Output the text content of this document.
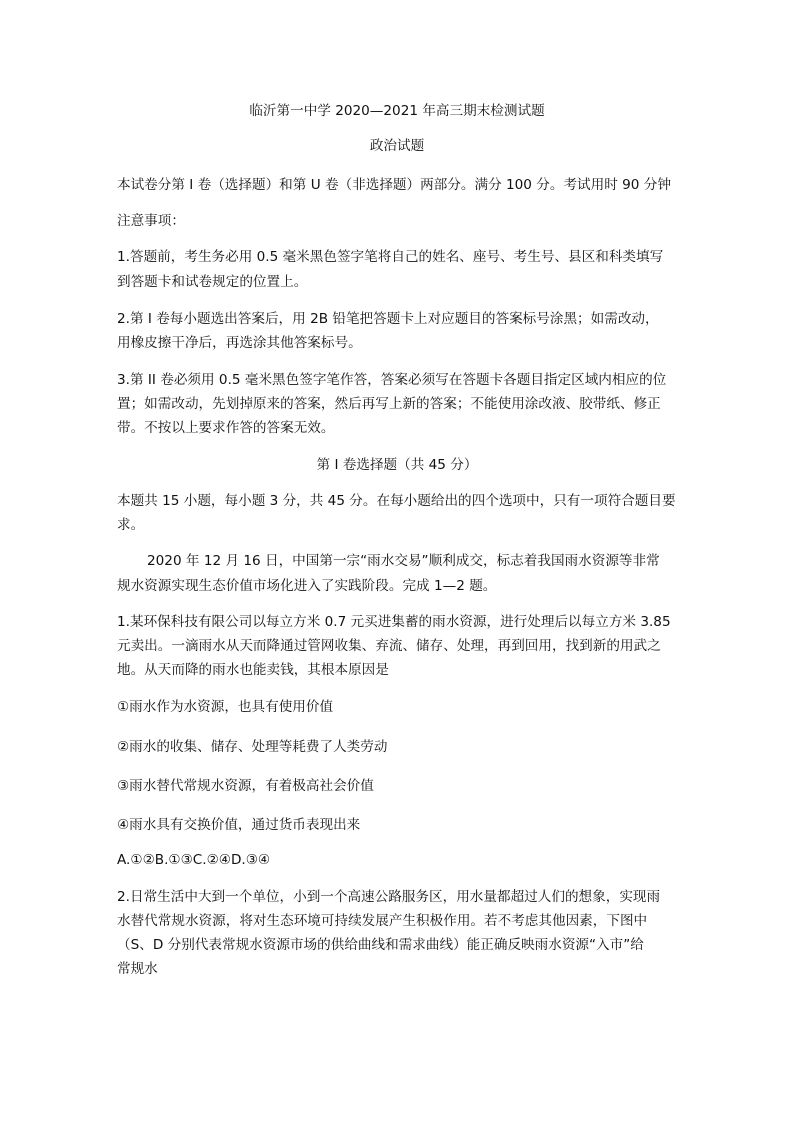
临沂第一中学 2020—2021 年高三期末检测试题
政治试题
本试卷分第 I 卷（选择题）和第 U 卷（非选择题）两部分。满分 100 分。考试用时 90 分钟
注意事项：
1.答题前，考生务必用 0.5 毫米黑色签字笔将自己的姓名、座号、考生号、县区和科类填写
到答题卡和试卷规定的位置上。
2.第 I 卷每小题选出答案后，用 2B 铅笔把答题卡上对应题目的答案标号涂黑；如需改动，
用橡皮擦干净后，再选涂其他答案标号。
3.第 II 卷必须用 0.5 毫米黑色签字笔作答，答案必须写在答题卡各题目指定区域内相应的位
置；如需改动，先划掉原来的答案，然后再写上新的答案；不能使用涂改液、胶带纸、修正
带。不按以上要求作答的答案无效。
第 I 卷选择题（共 45 分）
本题共 15 小题，每小题 3 分，共 45 分。在每小题给出的四个选项中，只有一项符合题目要
求。
2020 年 12 月 16 日，中国第一宗“雨水交易”顺利成交，标志着我国雨水资源等非常
规水资源实现生态价值市场化进入了实践阶段。完成 1—2 题。
1.某环保科技有限公司以每立方米 0.7 元买进集蓄的雨水资源，进行处理后以每立方米 3.85
元卖出。一滴雨水从天而降通过管网收集、弃流、储存、处理，再到回用，找到新的用武之
地。从天而降的雨水也能卖钱，其根本原因是
①雨水作为水资源，也具有使用价值
②雨水的收集、储存、处理等耗费了人类劳动
③雨水替代常规水资源，有着极高社会价值
④雨水具有交换价值，通过货币表现出来
A.①②B.①③C.②④D.③④
2.日常生活中大到一个单位，小到一个高速公路服务区，用水量都超过人们的想象，实现雨
水替代常规水资源，将对生态环境可持续发展产生积极作用。若不考虑其他因素，下图中
（S、D 分别代表常规水资源市场的供给曲线和需求曲线）能正确反映雨水资源“入市”给
常规水
